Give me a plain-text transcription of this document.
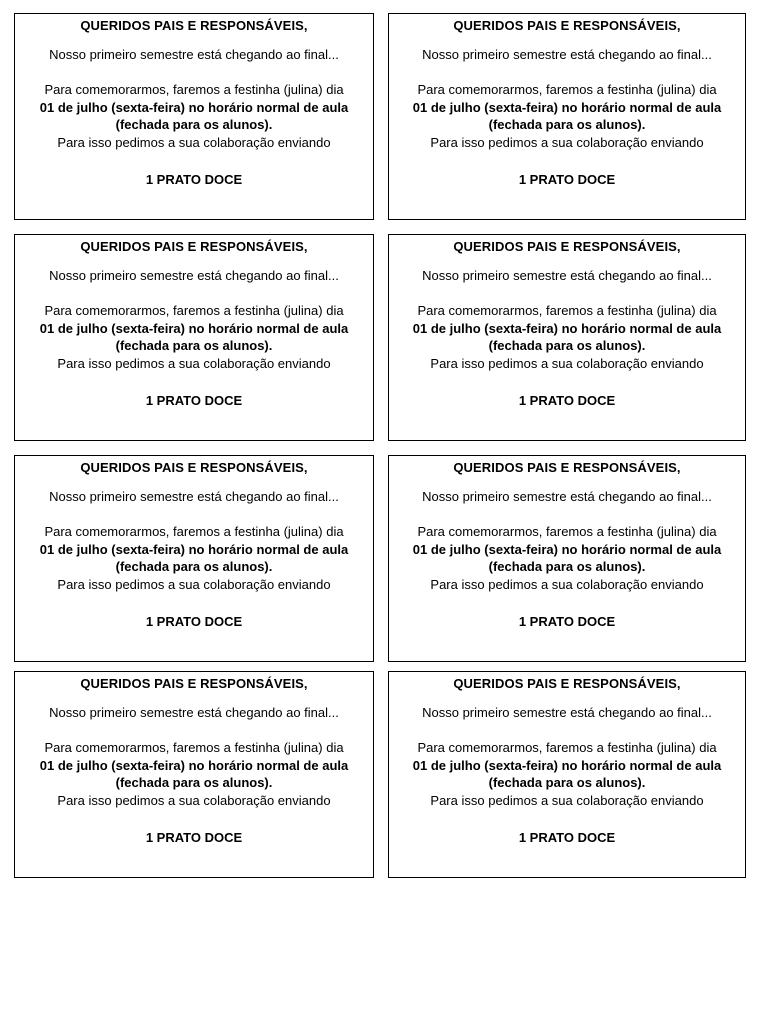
QUERIDOS PAIS E RESPONSÁVEIS,
Nosso primeiro semestre está chegando ao final...
Para comemorarmos, faremos a festinha (julina) dia
01 de julho (sexta-feira) no horário normal de aula
(fechada para os alunos).
Para isso pedimos a sua colaboração enviando
1 PRATO DOCE
QUERIDOS PAIS E RESPONSÁVEIS,
Nosso primeiro semestre está chegando ao final...
Para comemorarmos, faremos a festinha (julina) dia
01 de julho (sexta-feira) no horário normal de aula
(fechada para os alunos).
Para isso pedimos a sua colaboração enviando
1 PRATO DOCE
QUERIDOS PAIS E RESPONSÁVEIS,
Nosso primeiro semestre está chegando ao final...
Para comemorarmos, faremos a festinha (julina) dia
01 de julho (sexta-feira) no horário normal de aula
(fechada para os alunos).
Para isso pedimos a sua colaboração enviando
1 PRATO DOCE
QUERIDOS PAIS E RESPONSÁVEIS,
Nosso primeiro semestre está chegando ao final...
Para comemorarmos, faremos a festinha (julina) dia
01 de julho (sexta-feira) no horário normal de aula
(fechada para os alunos).
Para isso pedimos a sua colaboração enviando
1 PRATO DOCE
QUERIDOS PAIS E RESPONSÁVEIS,
Nosso primeiro semestre está chegando ao final...
Para comemorarmos, faremos a festinha (julina) dia
01 de julho (sexta-feira) no horário normal de aula
(fechada para os alunos).
Para isso pedimos a sua colaboração enviando
1 PRATO DOCE
QUERIDOS PAIS E RESPONSÁVEIS,
Nosso primeiro semestre está chegando ao final...
Para comemorarmos, faremos a festinha (julina) dia
01 de julho (sexta-feira) no horário normal de aula
(fechada para os alunos).
Para isso pedimos a sua colaboração enviando
1 PRATO DOCE
QUERIDOS PAIS E RESPONSÁVEIS,
Nosso primeiro semestre está chegando ao final...
Para comemorarmos, faremos a festinha (julina) dia
01 de julho (sexta-feira) no horário normal de aula
(fechada para os alunos).
Para isso pedimos a sua colaboração enviando
1 PRATO DOCE
QUERIDOS PAIS E RESPONSÁVEIS,
Nosso primeiro semestre está chegando ao final...
Para comemorarmos, faremos a festinha (julina) dia
01 de julho (sexta-feira) no horário normal de aula
(fechada para os alunos).
Para isso pedimos a sua colaboração enviando
1 PRATO DOCE
